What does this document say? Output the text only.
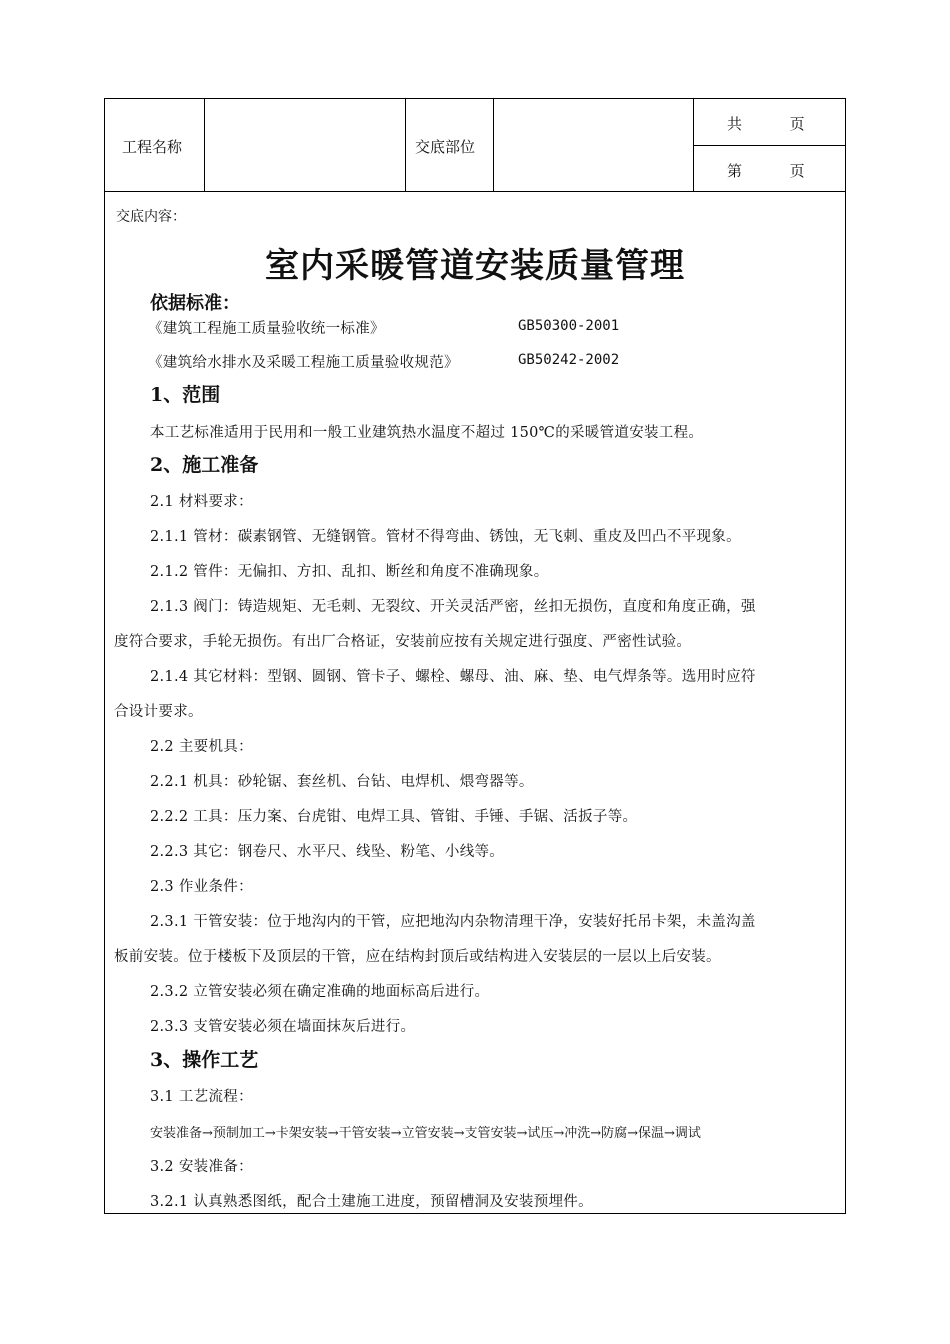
工程名称	交底部位
共          页
第          页
交底内容：
室内采暖管道安装质量管理
依据标准：
《建筑工程施工质量验收统一标准》	GB50300-2001
《建筑给水排水及采暖工程施工质量验收规范》	GB50242-2002
1、范围
本工艺标准适用于民用和一般工业建筑热水温度不超过 150℃的采暖管道安装工程。
2、施工准备
2.1 材料要求：
2.1.1 管材：碳素钢管、无缝钢管。管材不得弯曲、锈蚀，无飞刺、重皮及凹凸不平现象。
2.1.2 管件：无偏扣、方扣、乱扣、断丝和角度不准确现象。
2.1.3 阀门：铸造规矩、无毛刺、无裂纹、开关灵活严密，丝扣无损伤，直度和角度正确，强
度符合要求，手轮无损伤。有出厂合格证，安装前应按有关规定进行强度、严密性试验。
2.1.4 其它材料：型钢、圆钢、管卡子、螺栓、螺母、油、麻、垫、电气焊条等。选用时应符
合设计要求。
2.2 主要机具：
2.2.1 机具：砂轮锯、套丝机、台钻、电焊机、煨弯器等。
2.2.2 工具：压力案、台虎钳、电焊工具、管钳、手锤、手锯、活扳子等。
2.2.3 其它：钢卷尺、水平尺、线坠、粉笔、小线等。
2.3 作业条件：
2.3.1 干管安装：位于地沟内的干管，应把地沟内杂物清理干净，安装好托吊卡架，未盖沟盖
板前安装。位于楼板下及顶层的干管，应在结构封顶后或结构进入安装层的一层以上后安装。
2.3.2 立管安装必须在确定准确的地面标高后进行。
2.3.3 支管安装必须在墙面抹灰后进行。
3、操作工艺
3.1 工艺流程：
安装准备→预制加工→卡架安装→干管安装→立管安装→支管安装→试压→冲洗→防腐→保温→调试
3.2 安装准备：
3.2.1 认真熟悉图纸，配合土建施工进度，预留槽洞及安装预埋件。
